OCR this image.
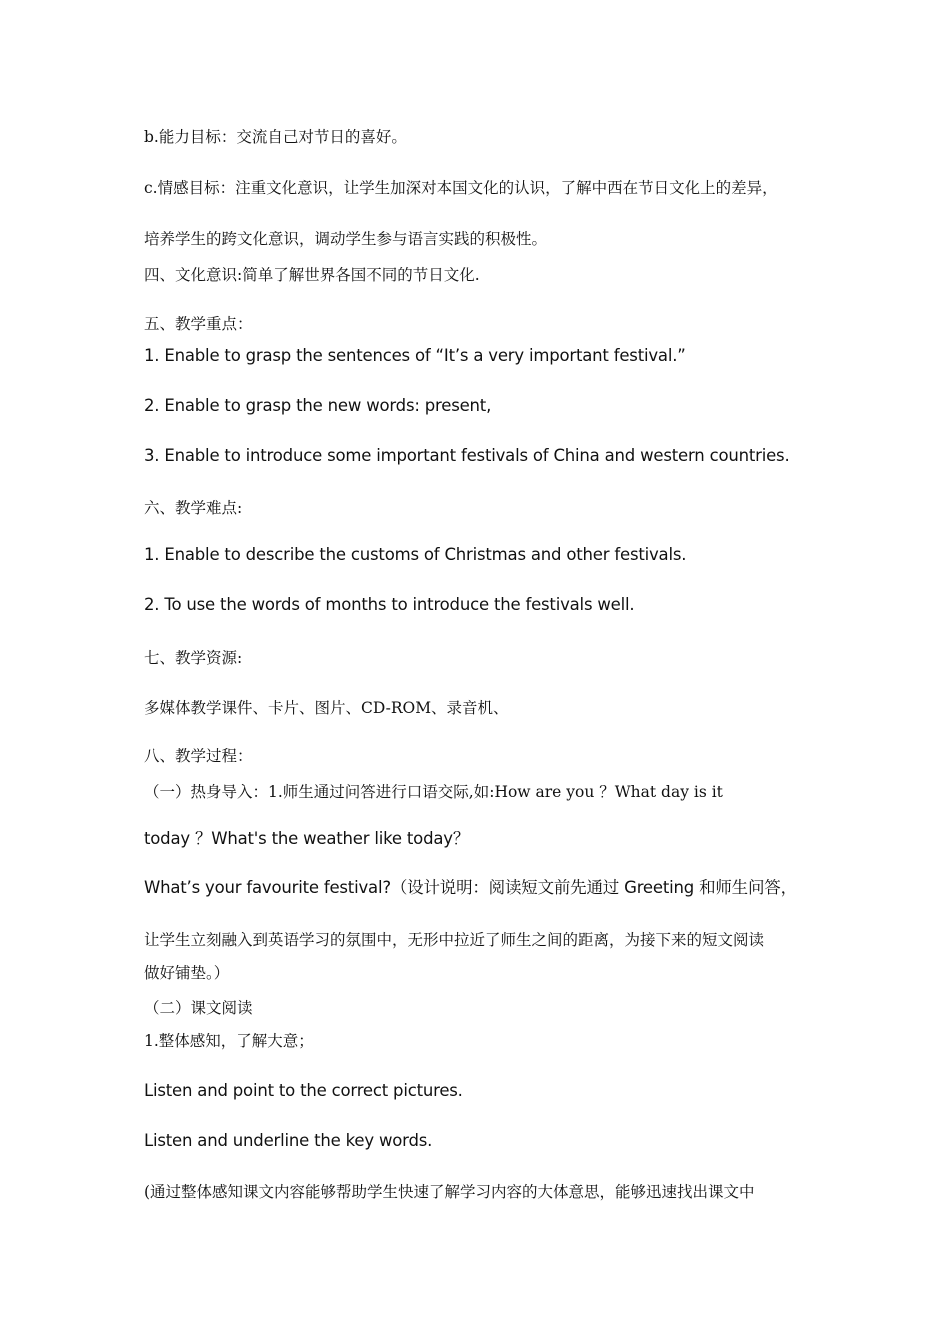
b.能力目标：交流自己对节日的喜好。
c.情感目标：注重文化意识，让学生加深对本国文化的认识，了解中西在节日文化上的差异，
培养学生的跨文化意识，调动学生参与语言实践的积极性。
四、文化意识:简单了解世界各国不同的节日文化.
五、教学重点：
1. Enable to grasp the sentences of “It’s a very important festival.”
2. Enable to grasp the new words: present,
3. Enable to introduce some important festivals of China and western countries.
六、教学难点:
1. Enable to describe the customs of Christmas and other festivals.
2. To use the words of months to introduce the festivals well.
七、教学资源:
多媒体教学课件、卡片、图片、CD-ROM、录音机、
八、教学过程：
（一）热身导入：1.师生通过问答进行口语交际,如:How are you ？What day is it
today ？What's the weather like today？
What’s your favourite festival?（设计说明：阅读短文前先通过 Greeting 和师生问答，
让学生立刻融入到英语学习的氛围中，无形中拉近了师生之间的距离，为接下来的短文阅读
做好铺垫。）
（二）课文阅读
1.整体感知，了解大意；
Listen and point to the correct pictures.
Listen and underline the key words.
(通过整体感知课文内容能够帮助学生快速了解学习内容的大体意思，能够迅速找出课文中
